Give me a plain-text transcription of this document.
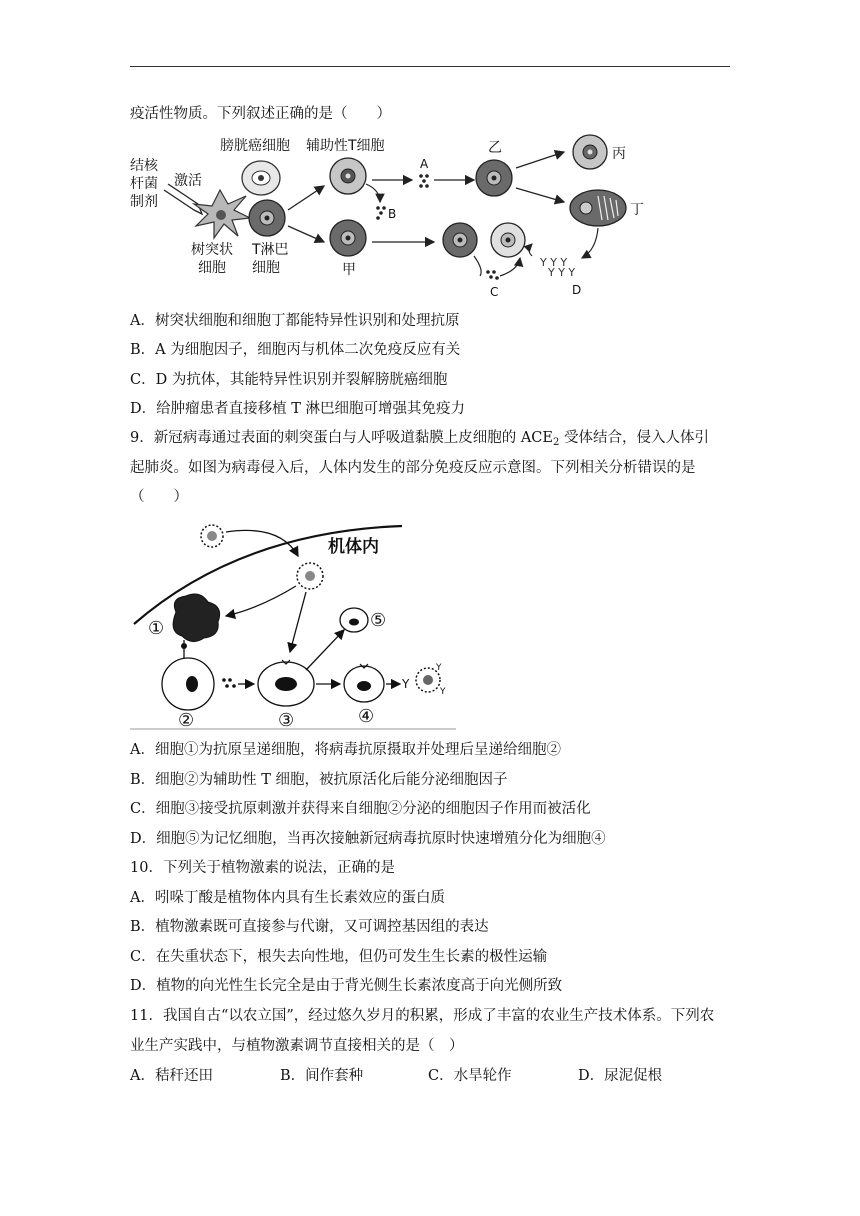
疫活性物质。下列叙述正确的是（　　）
结核
杆菌
制剂
激活
树突状
细胞
膀胱癌细胞
T淋巴
细胞
辅助性T细胞
B
甲
A
乙	丙
丁
C
Y Y Y
Y Y Y
D
A．树突状细胞和细胞丁都能特异性识别和处理抗原
B．A 为细胞因子，细胞丙与机体二次免疫反应有关
C．D 为抗体，其能特异性识别并裂解膀胱癌细胞
D．给肿瘤患者直接移植 T 淋巴细胞可增强其免疫力
9．新冠病毒通过表面的刺突蛋白与人呼吸道黏膜上皮细胞的 $ACE_2$ 受体结合，侵入人体引
起肺炎。如图为病毒侵入后，人体内发生的部分免疫反应示意图。下列相关分析错误的是
（　　）
机体内
①
②	③
⑤
④
Y
Y
Y
A．细胞①为抗原呈递细胞，将病毒抗原摄取并处理后呈递给细胞②
B．细胞②为辅助性 T 细胞，被抗原活化后能分泌细胞因子
C．细胞③接受抗原刺激并获得来自细胞②分泌的细胞因子作用而被活化
D．细胞⑤为记忆细胞，当再次接触新冠病毒抗原时快速增殖分化为细胞④
10．下列关于植物激素的说法，正确的是
A．吲哚丁酸是植物体内具有生长素效应的蛋白质
B．植物激素既可直接参与代谢，又可调控基因组的表达
C．在失重状态下，根失去向性地，但仍可发生生长素的极性运输
D．植物的向光性生长完全是由于背光侧生长素浓度高于向光侧所致
11．我国自古“以农立国”，经过悠久岁月的积累，形成了丰富的农业生产技术体系。下列农
业生产实践中，与植物激素调节直接相关的是（　）
A．秸秆还田	B．间作套种	C．水旱轮作	D．尿泥促根
